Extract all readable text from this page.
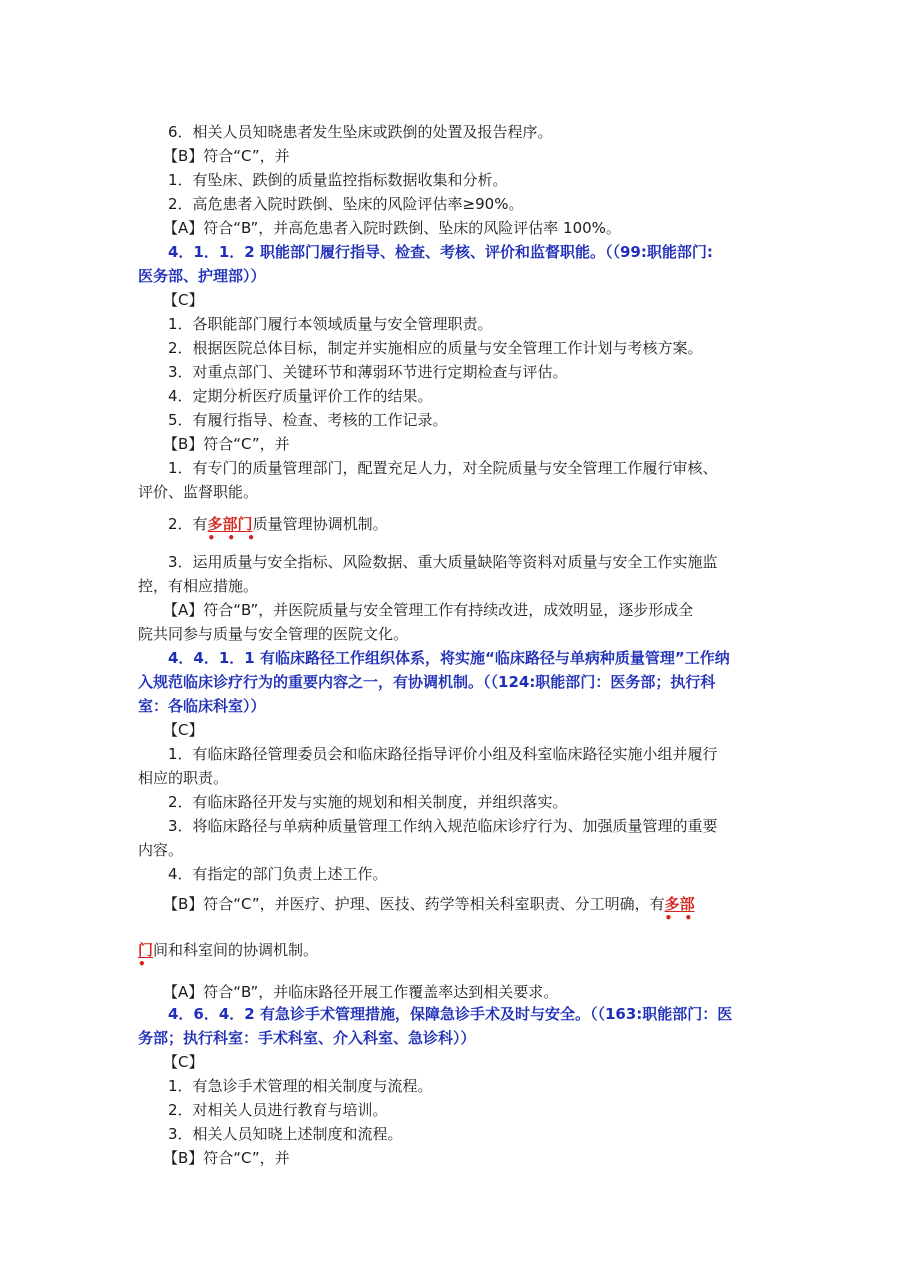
6．相关人员知晓患者发生坠床或跌倒的处置及报告程序。
【B】符合“C”，并
1．有坠床、跌倒的质量监控指标数据收集和分析。
2．高危患者入院时跌倒、坠床的风险评估率≥90%。
【A】符合“B”，并高危患者入院时跌倒、坠床的风险评估率 100%。
4．1．1．2 职能部门履行指导、检查、考核、评价和监督职能。（（99:职能部门:
医务部、护理部））
【C】
1．各职能部门履行本领域质量与安全管理职责。
2．根据医院总体目标，制定并实施相应的质量与安全管理工作计划与考核方案。
3．对重点部门、关键环节和薄弱环节进行定期检查与评估。
4．定期分析医疗质量评价工作的结果。
5．有履行指导、检查、考核的工作记录。
【B】符合“C”，并
1．有专门的质量管理部门，配置充足人力，对全院质量与安全管理工作履行审核、
评价、监督职能。
2．有多部门
• • •
质量管理协调机制。
3．运用质量与安全指标、风险数据、重大质量缺陷等资料对质量与安全工作实施监
控，有相应措施。
【A】符合“B”，并医院质量与安全管理工作有持续改进，成效明显，逐步形成全
院共同参与质量与安全管理的医院文化。
4．4．1．1 有临床路径工作组织体系，将实施“临床路径与单病种质量管理”工作纳
入规范临床诊疗行为的重要内容之一，有协调机制。（（124:职能部门：医务部；执行科
室：各临床科室））
【C】
1．有临床路径管理委员会和临床路径指导评价小组及科室临床路径实施小组并履行
相应的职责。
2．有临床路径开发与实施的规划和相关制度，并组织落实。
3．将临床路径与单病种质量管理工作纳入规范临床诊疗行为、加强质量管理的重要
内容。
4．有指定的部门负责上述工作。
【B】符合“C”，并医疗、护理、医技、药学等相关科室职责、分工明确，有多部
• •
门
•
间和科室间的协调机制。
【A】符合“B”，并临床路径开展工作覆盖率达到相关要求。
4．6．4．2 有急诊手术管理措施，保障急诊手术及时与安全。（（163:职能部门：医
务部；执行科室：手术科室、介入科室、急诊科））
【C】
1．有急诊手术管理的相关制度与流程。
2．对相关人员进行教育与培训。
3．相关人员知晓上述制度和流程。
【B】符合“C”，并
